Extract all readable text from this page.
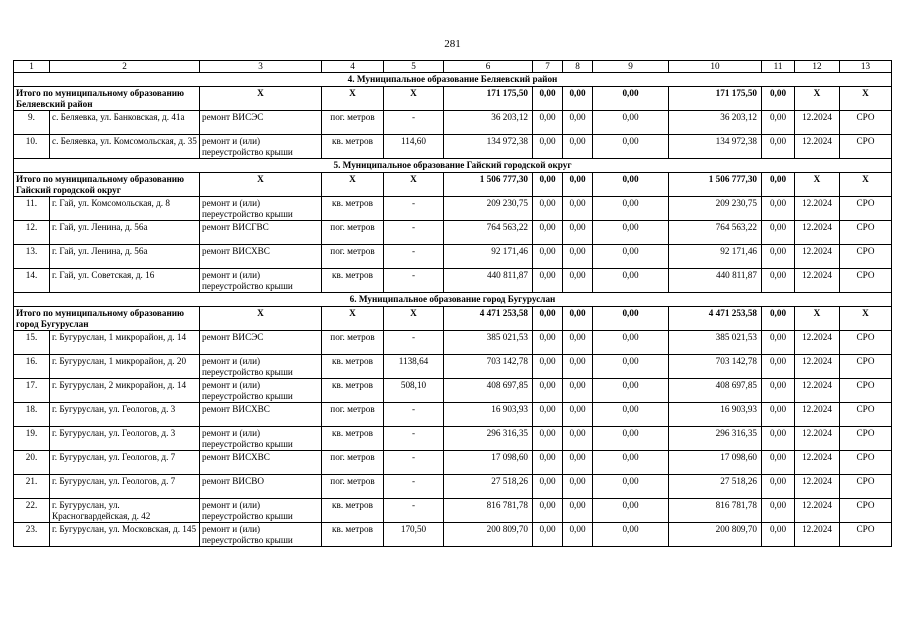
281
1	2	3	4	5	6	7	8	9	10	11	12	13
4. Муниципальное образование Беляевский район												
Итого по муниципальному образованию Беляевский район		Х	Х	Х	171 175,50	0,00	0,00	0,00	171 175,50	0,00	Х	Х
9.	с. Беляевка, ул. Банковская, д. 41а	ремонт ВИСЭС	пог. метров	-	36 203,12	0,00	0,00	0,00	36 203,12	0,00	12.2024	СРО
10.	с. Беляевка, ул. Комсомольская, д. 35	ремонт и (или) переустройство крыши	кв. метров	114,60	134 972,38	0,00	0,00	0,00	134 972,38	0,00	12.2024	СРО
5. Муниципальное образование Гайский городской округ												
Итого по муниципальному образованию Гайский городской округ		Х	Х	Х	1 506 777,30	0,00	0,00	0,00	1 506 777,30	0,00	Х	Х
11.	г. Гай, ул. Комсомольская, д. 8	ремонт и (или) переустройство крыши	кв. метров	-	209 230,75	0,00	0,00	0,00	209 230,75	0,00	12.2024	СРО
12.	г. Гай, ул. Ленина, д. 56а	ремонт ВИСГВС	пог. метров	-	764 563,22	0,00	0,00	0,00	764 563,22	0,00	12.2024	СРО
13.	г. Гай, ул. Ленина, д. 56а	ремонт ВИСХВС	пог. метров	-	92 171,46	0,00	0,00	0,00	92 171,46	0,00	12.2024	СРО
14.	г. Гай, ул. Советская, д. 16	ремонт и (или) переустройство крыши	кв. метров	-	440 811,87	0,00	0,00	0,00	440 811,87	0,00	12.2024	СРО
6. Муниципальное образование город Бугуруслан												
Итого по муниципальному образованию город Бугуруслан		Х	Х	Х	4 471 253,58	0,00	0,00	0,00	4 471 253,58	0,00	Х	Х
15.	г. Бугуруслан, 1 микрорайон, д. 14	ремонт ВИСЭС	пог. метров	-	385 021,53	0,00	0,00	0,00	385 021,53	0,00	12.2024	СРО
16.	г. Бугуруслан, 1 микрорайон, д. 20	ремонт и (или) переустройство крыши	кв. метров	1138,64	703 142,78	0,00	0,00	0,00	703 142,78	0,00	12.2024	СРО
17.	г. Бугуруслан, 2 микрорайон, д. 14	ремонт и (или) переустройство крыши	кв. метров	508,10	408 697,85	0,00	0,00	0,00	408 697,85	0,00	12.2024	СРО
18.	г. Бугуруслан, ул. Геологов, д. 3	ремонт ВИСХВС	пог. метров	-	16 903,93	0,00	0,00	0,00	16 903,93	0,00	12.2024	СРО
19.	г. Бугуруслан, ул. Геологов, д. 3	ремонт и (или) переустройство крыши	кв. метров	-	296 316,35	0,00	0,00	0,00	296 316,35	0,00	12.2024	СРО
20.	г. Бугуруслан, ул. Геологов, д. 7	ремонт ВИСХВС	пог. метров	-	17 098,60	0,00	0,00	0,00	17 098,60	0,00	12.2024	СРО
21.	г. Бугуруслан, ул. Геологов, д. 7	ремонт ВИСВО	пог. метров	-	27 518,26	0,00	0,00	0,00	27 518,26	0,00	12.2024	СРО
22.	г. Бугуруслан, ул. Красногвардейская, д. 42	ремонт и (или) переустройство крыши	кв. метров	-	816 781,78	0,00	0,00	0,00	816 781,78	0,00	12.2024	СРО
23.	г. Бугуруслан, ул. Московская, д. 145	ремонт и (или) переустройство крыши	кв. метров	170,50	200 809,70	0,00	0,00	0,00	200 809,70	0,00	12.2024	СРО
